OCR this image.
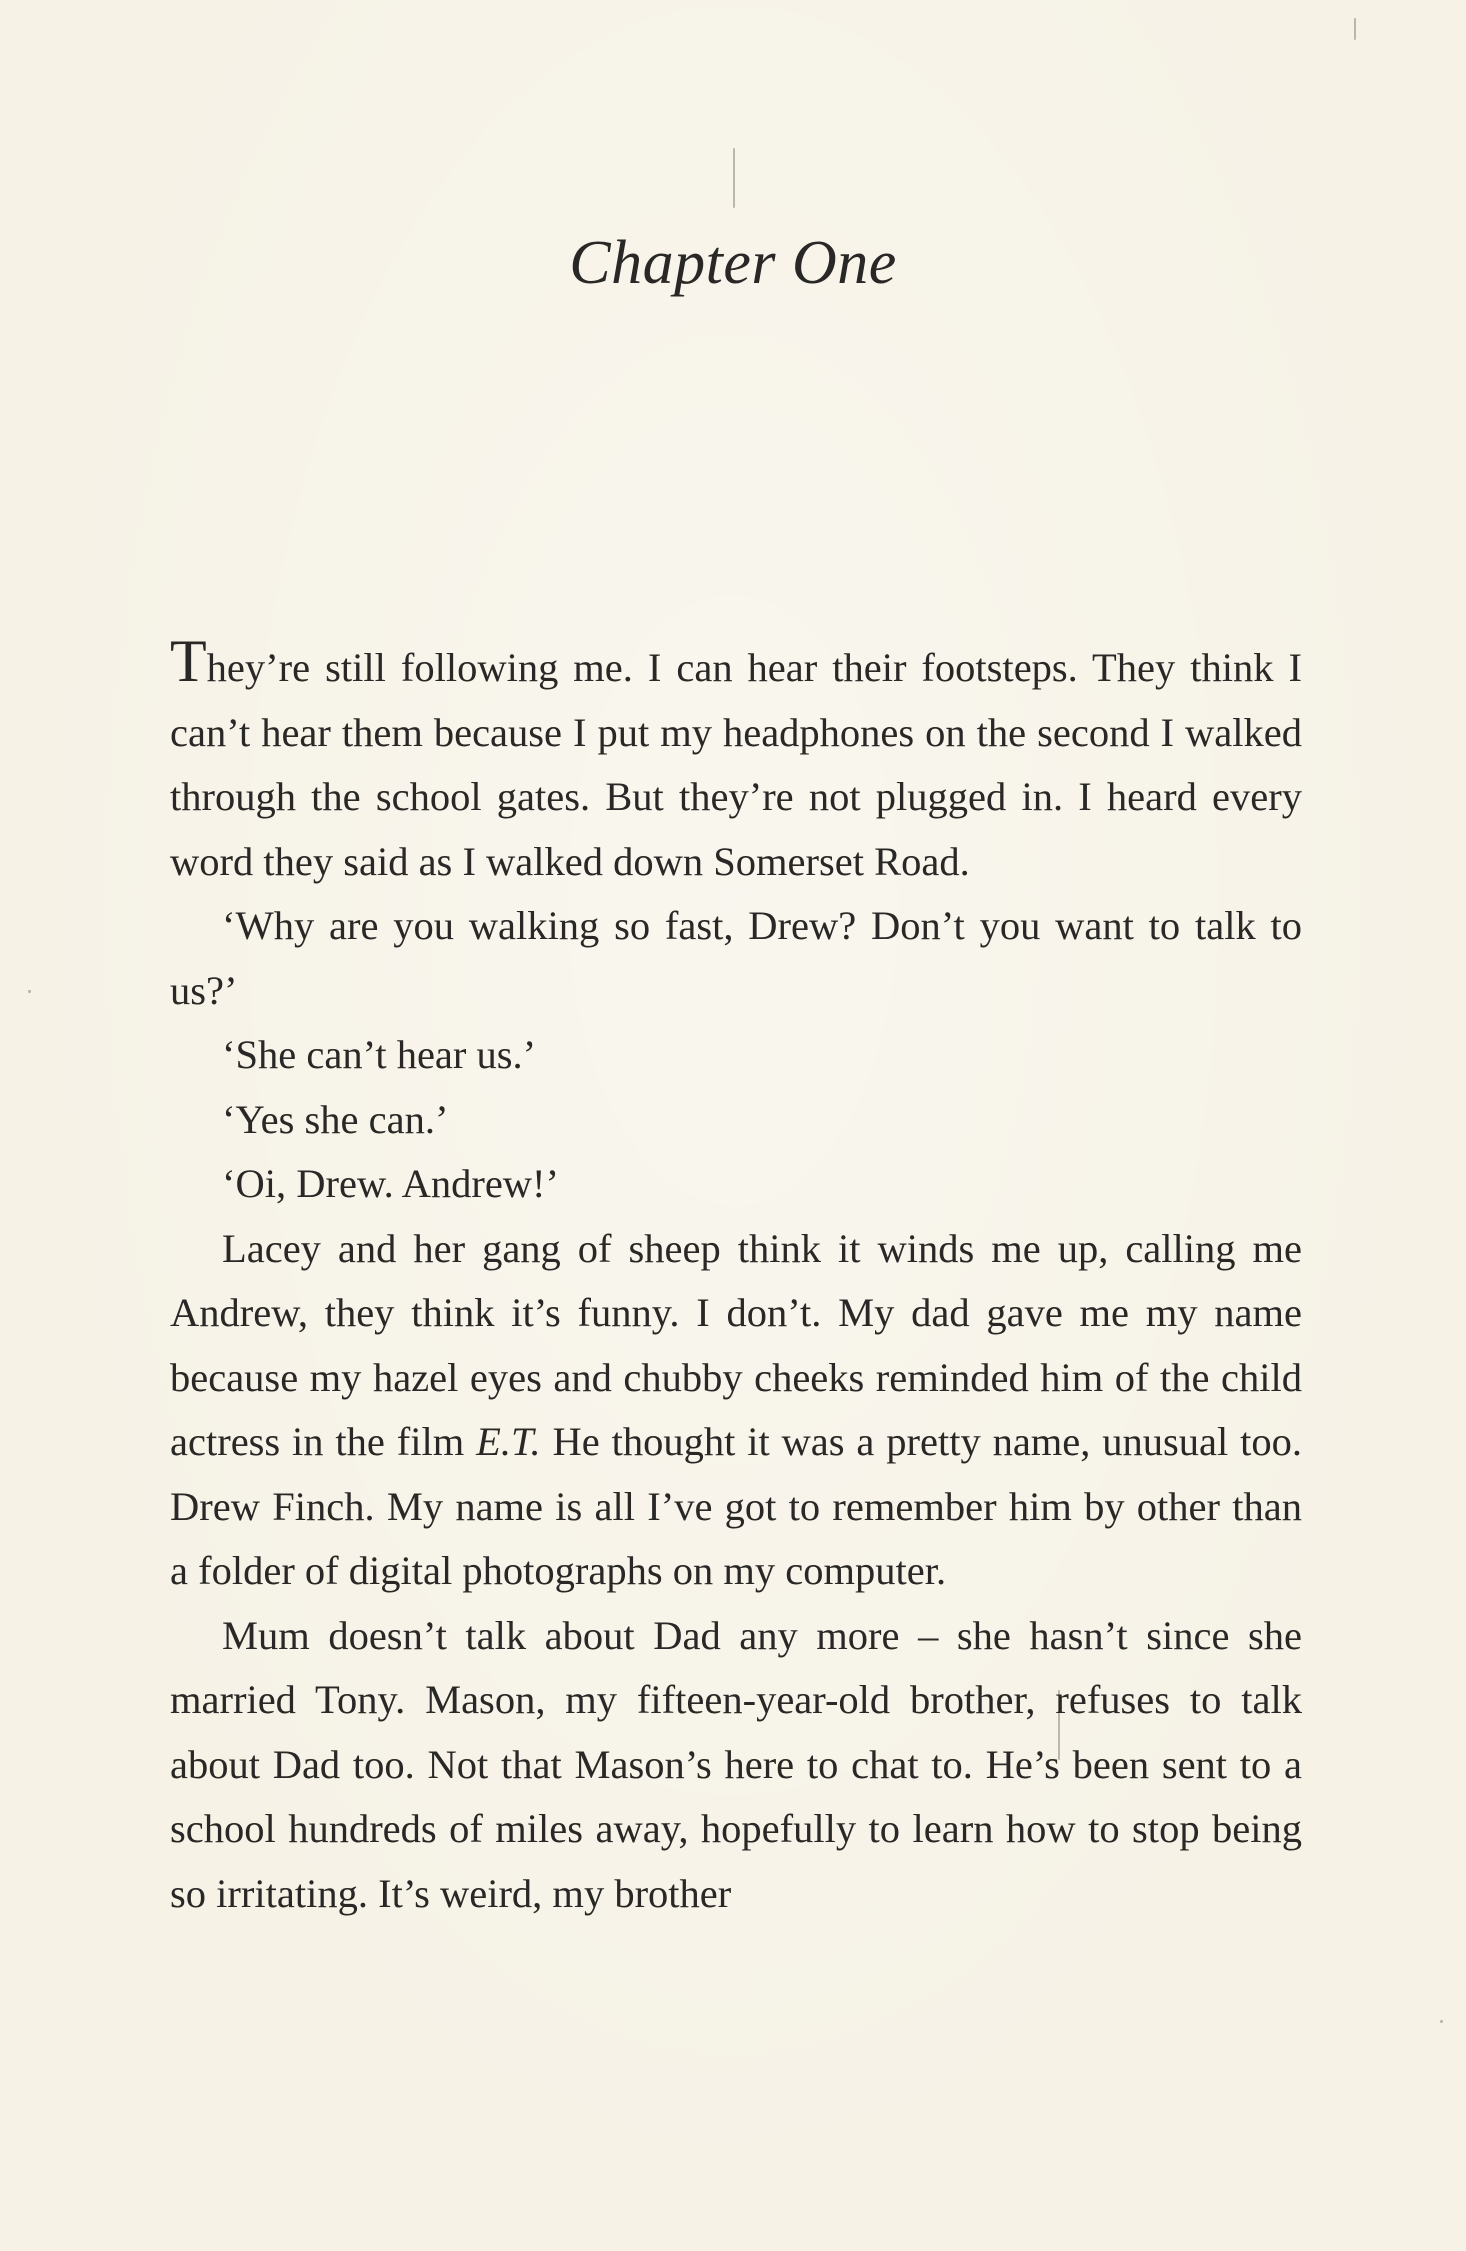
Chapter One

They’re still following me. I can hear their footsteps. They think I can’t hear them because I put my headphones on the second I walked through the school gates. But they’re not plugged in. I heard every word they said as I walked down Somerset Road.

‘Why are you walking so fast, Drew? Don’t you want to talk to us?’

‘She can’t hear us.’

‘Yes she can.’

‘Oi, Drew. Andrew!’

Lacey and her gang of sheep think it winds me up, calling me Andrew, they think it’s funny. I don’t. My dad gave me my name because my hazel eyes and chubby cheeks reminded him of the child actress in the film E.T. He thought it was a pretty name, unusual too. Drew Finch. My name is all I’ve got to remember him by other than a folder of digital photographs on my computer.

Mum doesn’t talk about Dad any more – she hasn’t since she married Tony. Mason, my fifteen-year-old brother, refuses to talk about Dad too. Not that Mason’s here to chat to. He’s been sent to a school hundreds of miles away, hopefully to learn how to stop being so irritating. It’s weird, my brother
